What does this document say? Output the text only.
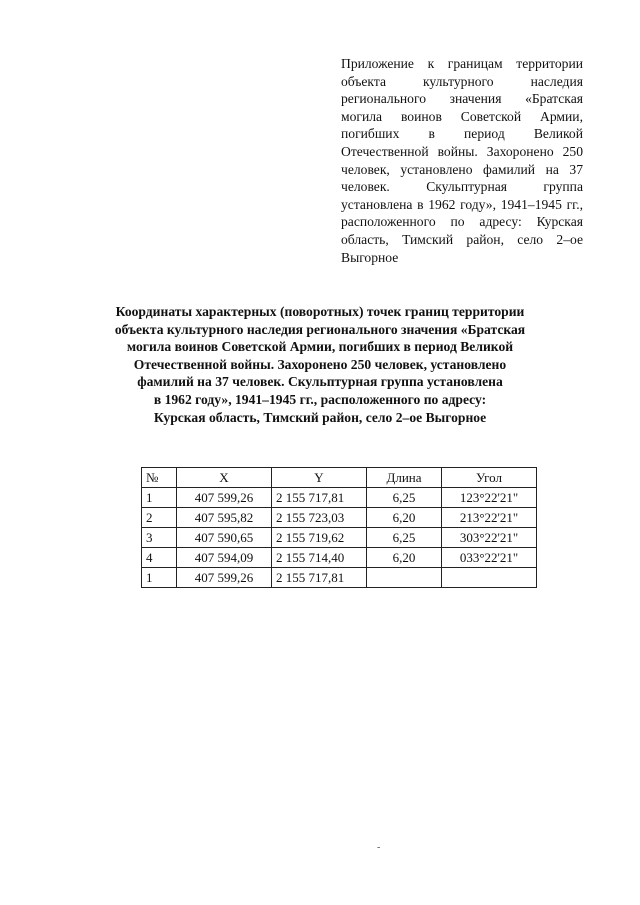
Приложение к границам территории объекта культурного наследия регионального значения «Братская могила воинов Советской Армии, погибших в период Великой Отечественной войны. Захоронено 250 человек, установлено фамилий на 37 человек. Скульптурная группа установлена в 1962 году», 1941–1945 гг., расположенного по адресу: Курская область, Тимский район, село 2–ое Выгорное
Координаты характерных (поворотных) точек границ территории
объекта культурного наследия регионального значения «Братская
могила воинов Советской Армии, погибших в период Великой
Отечественной войны. Захоронено 250 человек, установлено
фамилий на 37 человек. Скульптурная группа установлена
в 1962 году», 1941–1945 гг., расположенного по адресу:
Курская область, Тимский район, село 2–ое Выгорное
№	X	Y	Длина	Угол
1	407 599,26	2 155 717,81	6,25	123°22'21"
2	407 595,82	2 155 723,03	6,20	213°22'21"
3	407 590,65	2 155 719,62	6,25	303°22'21"
4	407 594,09	2 155 714,40	6,20	033°22'21"
1	407 599,26	2 155 717,81		
-
